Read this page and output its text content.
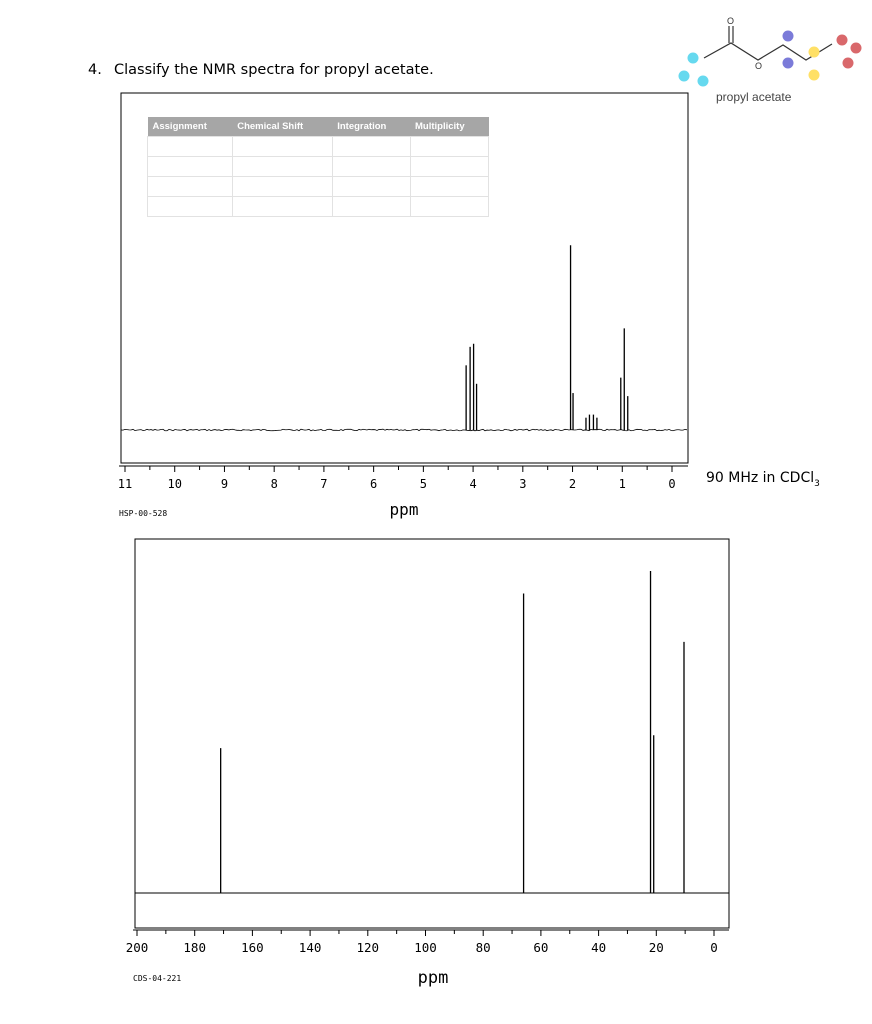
4. Classify the NMR spectra for propyl acetate.
O
O
propyl acetate
11	10	9	8	7	6	5	4	3	2	1	0
ppm
Assignment	Chemical Shift	Integration	Multiplicity

90 MHz in CDCl$_3$
HSP-00-528
200	180	160	140	120	100	80	60	40	20	0
ppm
CDS-04-221
